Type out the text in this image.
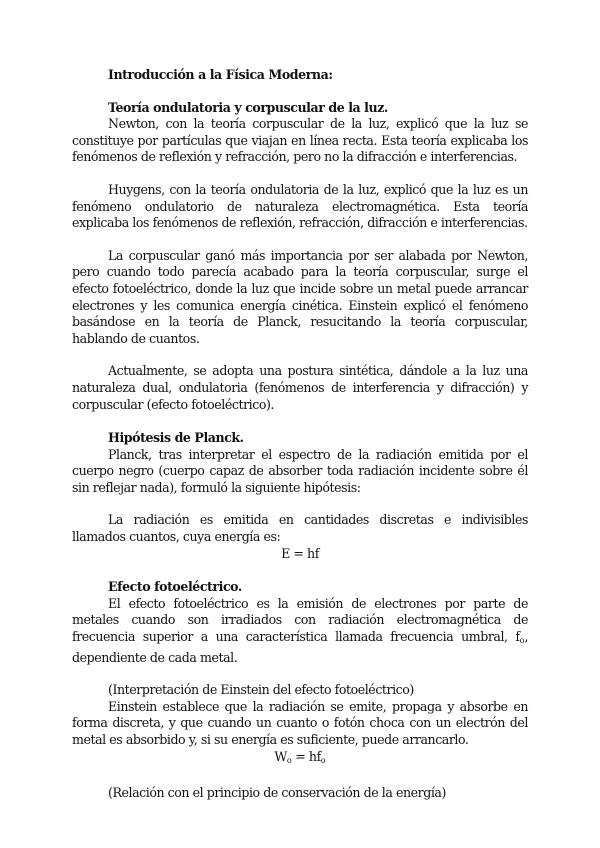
Introducción a la Física Moderna:

Teoría ondulatoria y corpuscular de la luz.

Newton, con la teoría corpuscular de la luz, explicó que la luz se constituye por partículas que viajan en línea recta. Esta teoría explicaba los fenómenos de reflexión y refracción, pero no la difracción e interferencias.

Huygens, con la teoría ondulatoria de la luz, explicó que la luz es un fenómeno ondulatorio de naturaleza electromagnética. Esta teoría explicaba los fenómenos de reflexión, refracción, difracción e interferencias.

La corpuscular ganó más importancia por ser alabada por Newton, pero cuando todo parecía acabado para la teoría corpuscular, surge el efecto fotoeléctrico, donde la luz que incide sobre un metal puede arrancar electrones y les comunica energía cinética. Einstein explicó el fenómeno basándose en la teoría de Planck, resucitando la teoría corpuscular, hablando de cuantos.

Actualmente, se adopta una postura sintética, dándole a la luz una naturaleza dual, ondulatoria (fenómenos de interferencia y difracción) y corpuscular (efecto fotoeléctrico).

Hipótesis de Planck.

Planck, tras interpretar el espectro de la radiación emitida por el cuerpo negro (cuerpo capaz de absorber toda radiación incidente sobre él sin reflejar nada), formuló la siguiente hipótesis:

La radiación es emitida en cantidades discretas e indivisibles llamados cuantos, cuya energía es:

E = hf

Efecto fotoeléctrico.

El efecto fotoeléctrico es la emisión de electrones por parte de metales cuando son irradiados con radiación electromagnética de frecuencia superior a una característica llamada frecuencia umbral, $f_o$, dependiente de cada metal.

(Interpretación de Einstein del efecto fotoeléctrico)

Einstein establece que la radiación se emite, propaga y absorbe en forma discreta, y que cuando un cuanto o fotón choca con un electrón del metal es absorbido y, si su energía es suficiente, puede arrancarlo.

$W_o = hf_o$

(Relación con el principio de conservación de la energía)
